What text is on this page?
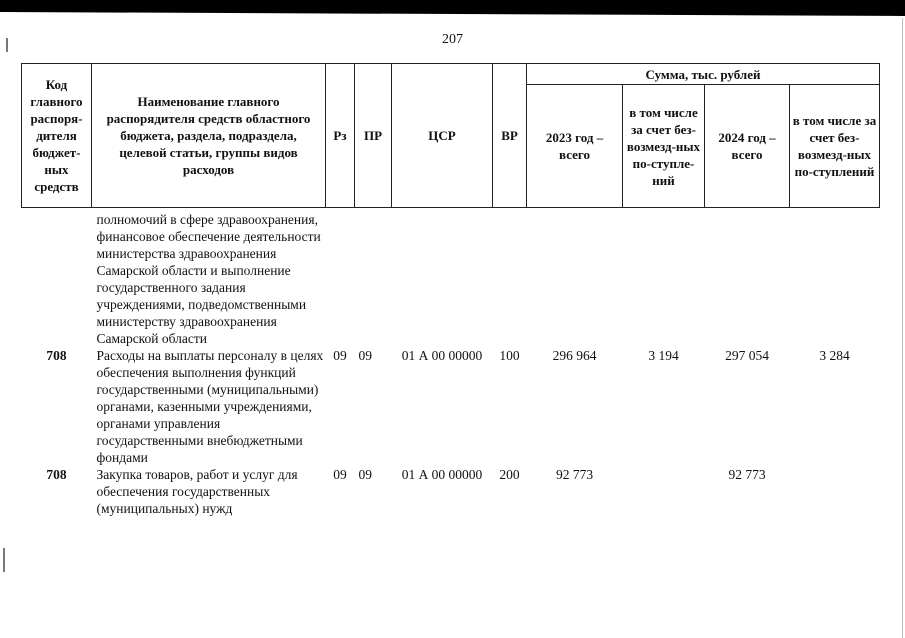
207
Код главного распоря-дителя бюджет-ных средств	Наименование главного распорядителя средств областного бюджета, раздела, подраздела, целевой статьи, группы видов расходов	Рз	ПР	ЦСР	ВР	Сумма, тыс. рублей			
						2023 год – всего	в том числе за счет без-возмезд-ных по-ступле-ний	2024 год – всего	в том числе за счет без-возмезд-ных по-ступлений

	полномочий в сфере здравоохранения, финансовое обеспечение деятельности министерства здравоохранения Самарской области и выполнение государственного задания учреждениями, подведомственными министерству здравоохранения Самарской области								
708	Расходы на выплаты персоналу в целях обеспечения выполнения функций государственными (муниципальными) органами, казенными учреждениями, органами управления государственными внебюджетными фондами	09	09	01 А 00 00000	100	296 964	3 194	297 054	3 284
708	Закупка товаров, работ и услуг для обеспечения государственных (муниципальных) нужд	09	09	01 А 00 00000	200	92 773		92 773	
